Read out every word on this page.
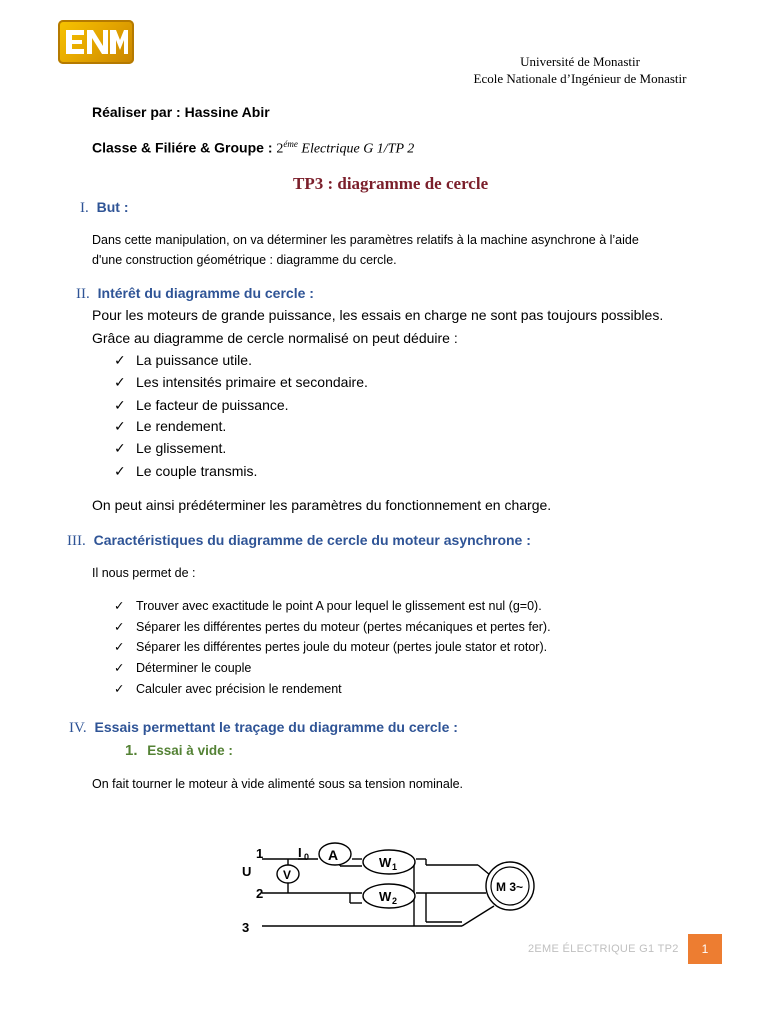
Université de Monastir
Ecole Nationale d’Ingénieur de Monastir
Réaliser par : Hassine Abir
Classe & Filiére & Groupe : $2^{éme}$ Electrique G 1/TP 2
TP3 : diagramme de cercle
I. But :
Dans cette manipulation, on va déterminer les paramètres relatifs à la machine asynchrone à l’aide
d'une construction géométrique : diagramme du cercle.
II. Intérêt du diagramme du cercle :
Pour les moteurs de grande puissance, les essais en charge ne sont pas toujours possibles.
Grâce au diagramme de cercle normalisé on peut déduire :
✓ La puissance utile.
✓ Les intensités primaire et secondaire.
✓ Le facteur de puissance.
✓ Le rendement.
✓ Le glissement.
✓ Le couple transmis.
On peut ainsi prédéterminer les paramètres du fonctionnement en charge.
III. Caractéristiques du diagramme de cercle du moteur asynchrone :
Il nous permet de :
✓ Trouver avec exactitude le point A pour lequel le glissement est nul (g=0).
✓ Séparer les différentes pertes du moteur (pertes mécaniques et pertes fer).
✓ Séparer les différentes pertes joule du moteur (pertes joule stator et rotor).
✓ Déterminer le couple
✓ Calculer avec précision le rendement
IV. Essais permettant le traçage du diagramme du cercle :
1. Essai à vide :
On fait tourner le moteur à vide alimenté sous sa tension nominale.
V
A	W 1
W 2
M 3~
1
U
2
3
I 0
2EME ÉLECTRIQUE G1 TP2	1
